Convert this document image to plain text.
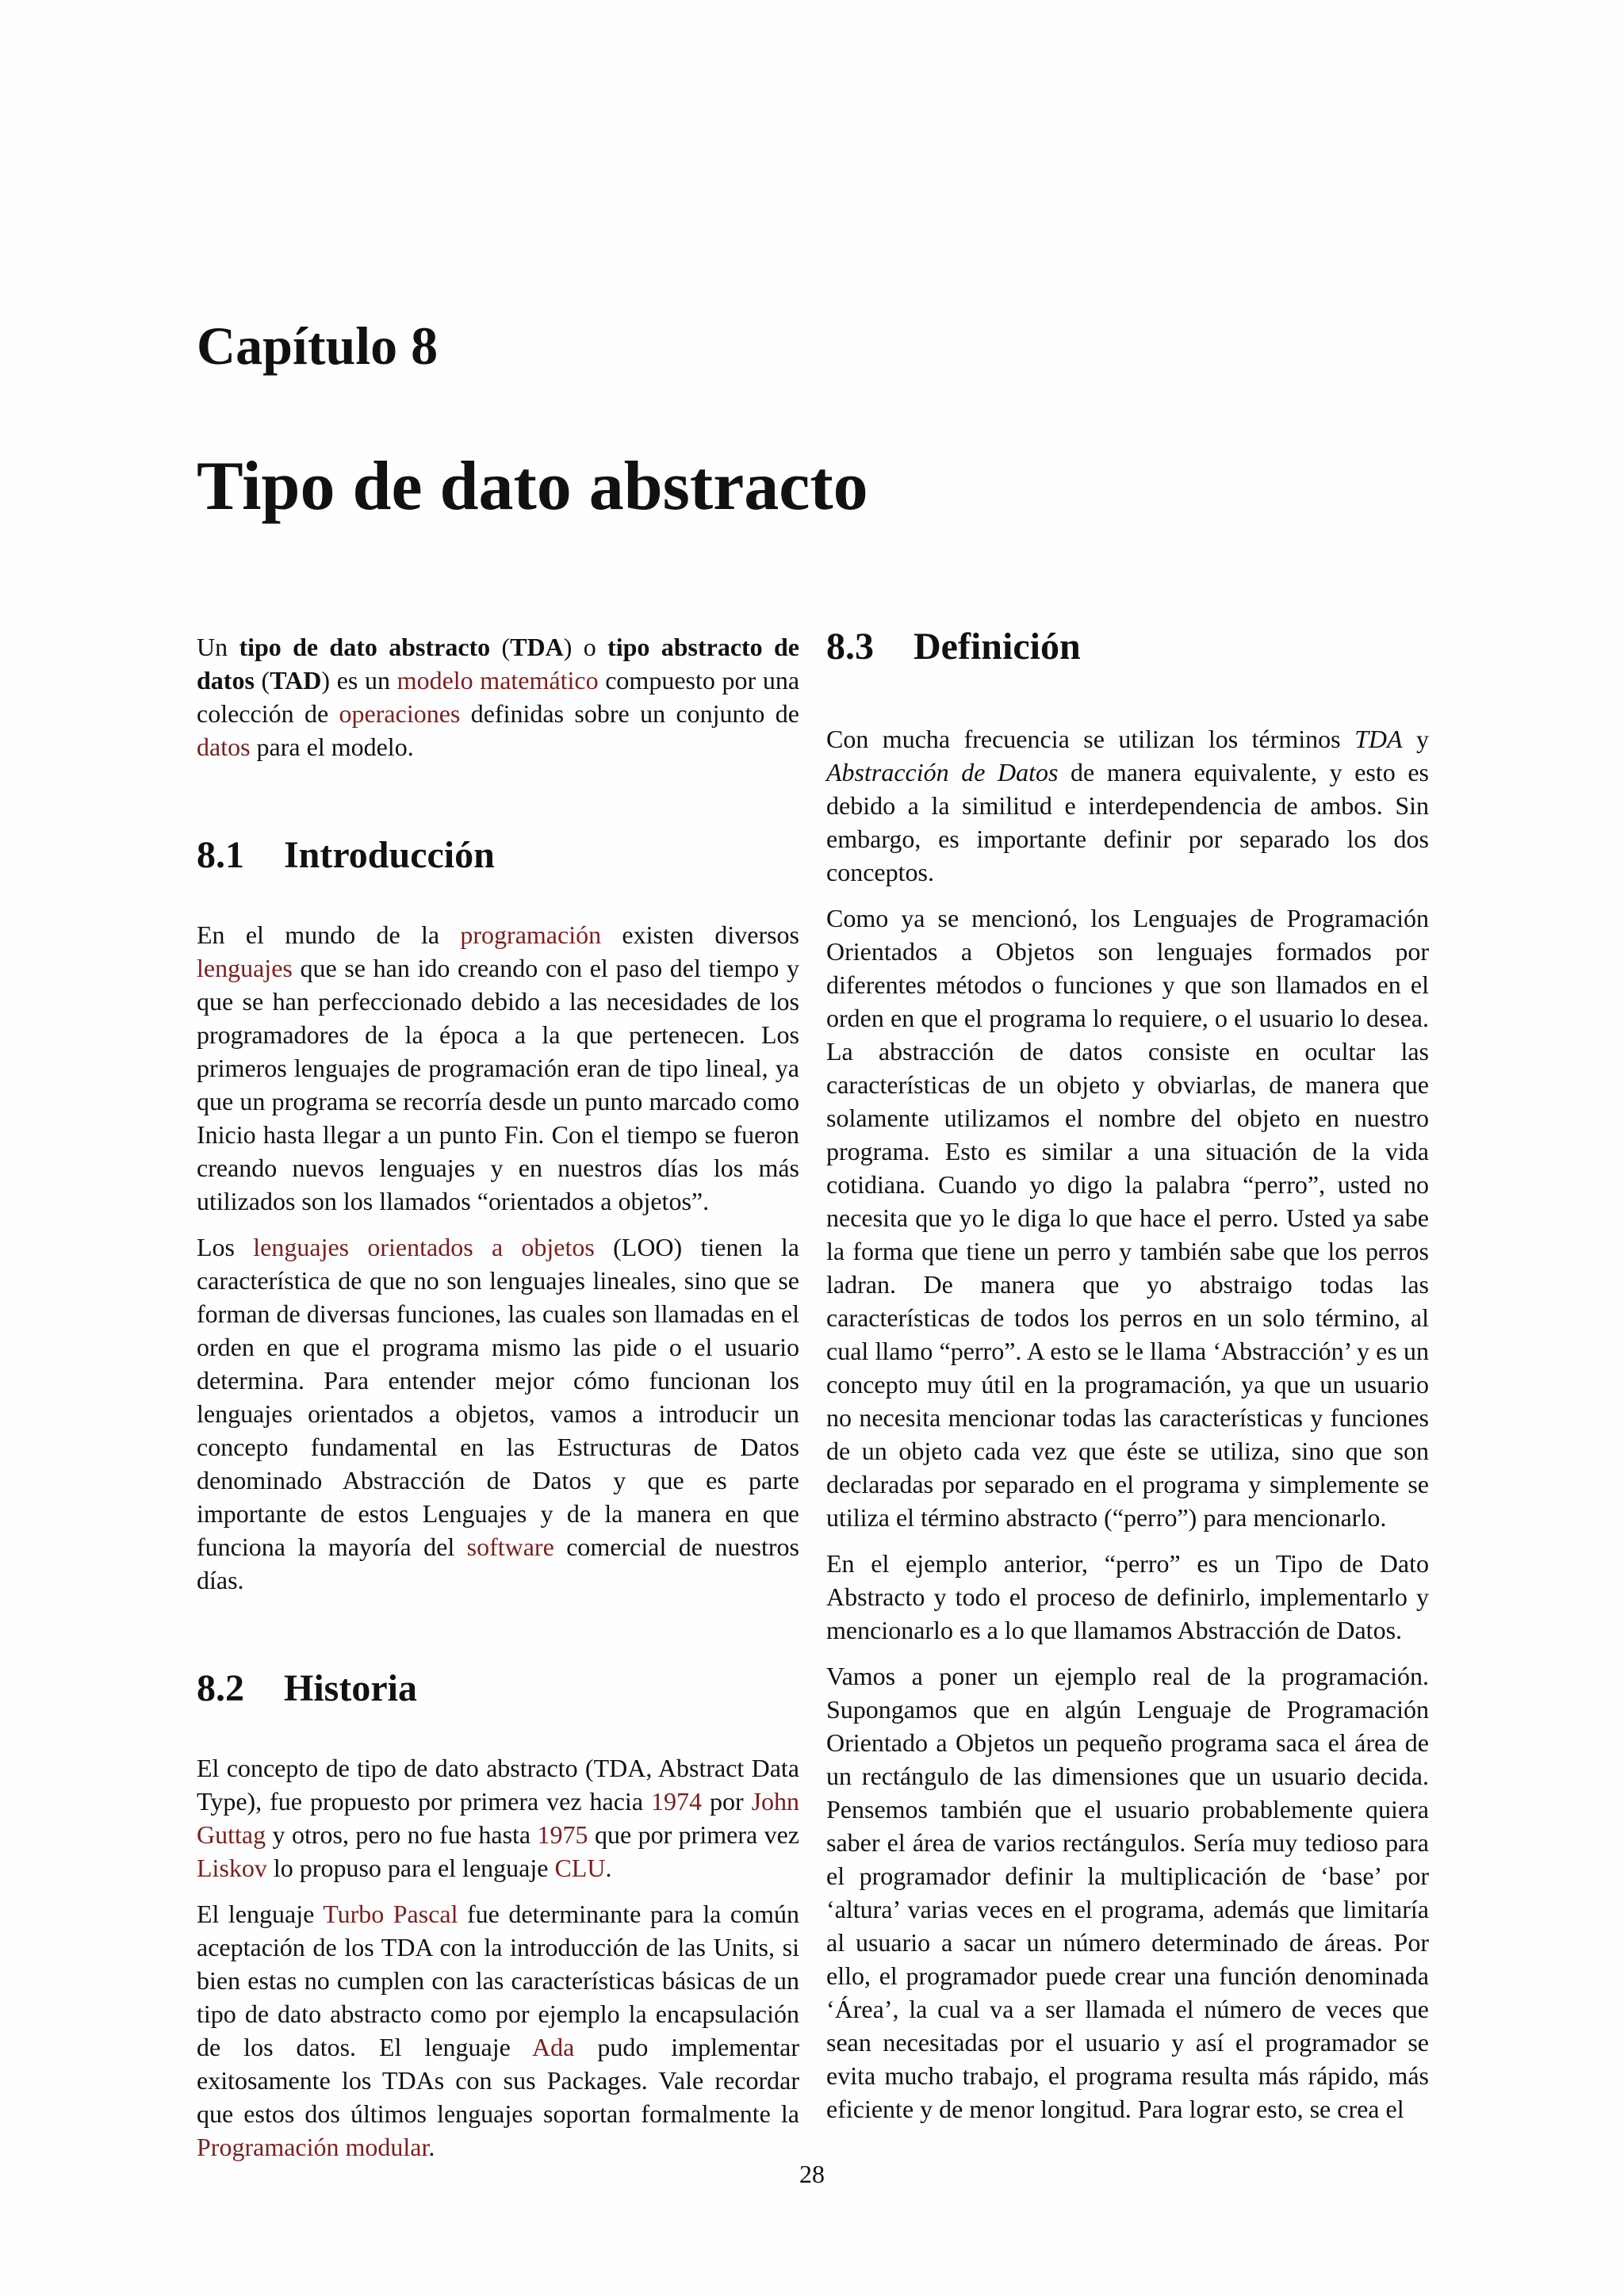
Capítulo 8
Tipo de dato abstracto

Un tipo de dato abstracto (TDA) o tipo abstracto de datos (TAD) es un modelo matemático compuesto por una colección de operaciones definidas sobre un conjunto de datos para el modelo.

8.1	Introducción

En el mundo de la programación existen diversos lenguajes que se han ido creando con el paso del tiempo y que se han perfeccionado debido a las necesidades de los programadores de la época a la que pertenecen. Los primeros lenguajes de programación eran de tipo lineal, ya que un programa se recorría desde un punto marcado como Inicio hasta llegar a un punto Fin. Con el tiempo se fueron creando nuevos lenguajes y en nuestros días los más utilizados son los llamados “orientados a objetos”.

Los lenguajes orientados a objetos (LOO) tienen la característica de que no son lenguajes lineales, sino que se forman de diversas funciones, las cuales son llamadas en el orden en que el programa mismo las pide o el usuario determina. Para entender mejor cómo funcionan los lenguajes orientados a objetos, vamos a introducir un concepto fundamental en las Estructuras de Datos denominado Abstracción de Datos y que es parte importante de estos Lenguajes y de la manera en que funciona la mayoría del software comercial de nuestros días.

8.2	Historia

El concepto de tipo de dato abstracto (TDA, Abstract Data Type), fue propuesto por primera vez hacia 1974 por John Guttag y otros, pero no fue hasta 1975 que por primera vez Liskov lo propuso para el lenguaje CLU.

El lenguaje Turbo Pascal fue determinante para la común aceptación de los TDA con la introducción de las Units, si bien estas no cumplen con las características básicas de un tipo de dato abstracto como por ejemplo la encapsulación de los datos. El lenguaje Ada pudo implementar exitosamente los TDAs con sus Packages. Vale recordar que estos dos últimos lenguajes soportan formalmente la Programación modular.

8.3	Definición

Con mucha frecuencia se utilizan los términos TDA y Abstracción de Datos de manera equivalente, y esto es debido a la similitud e interdependencia de ambos. Sin embargo, es importante definir por separado los dos conceptos.

Como ya se mencionó, los Lenguajes de Programación Orientados a Objetos son lenguajes formados por diferentes métodos o funciones y que son llamados en el orden en que el programa lo requiere, o el usuario lo desea. La abstracción de datos consiste en ocultar las características de un objeto y obviarlas, de manera que solamente utilizamos el nombre del objeto en nuestro programa. Esto es similar a una situación de la vida cotidiana. Cuando yo digo la palabra “perro”, usted no necesita que yo le diga lo que hace el perro. Usted ya sabe la forma que tiene un perro y también sabe que los perros ladran. De manera que yo abstraigo todas las características de todos los perros en un solo término, al cual llamo “perro”. A esto se le llama ‘Abstracción’ y es un concepto muy útil en la programación, ya que un usuario no necesita mencionar todas las características y funciones de un objeto cada vez que éste se utiliza, sino que son declaradas por separado en el programa y simplemente se utiliza el término abstracto (“perro”) para mencionarlo.

En el ejemplo anterior, “perro” es un Tipo de Dato Abstracto y todo el proceso de definirlo, implementarlo y mencionarlo es a lo que llamamos Abstracción de Datos.

Vamos a poner un ejemplo real de la programación. Supongamos que en algún Lenguaje de Programación Orientado a Objetos un pequeño programa saca el área de un rectángulo de las dimensiones que un usuario decida. Pensemos también que el usuario probablemente quiera saber el área de varios rectángulos. Sería muy tedioso para el programador definir la multiplicación de ‘base’ por ‘altura’ varias veces en el programa, además que limitaría al usuario a sacar un número determinado de áreas. Por ello, el programador puede crear una función denominada ‘Área’, la cual va a ser llamada el número de veces que sean necesitadas por el usuario y así el programador se evita mucho trabajo, el programa resulta más rápido, más eficiente y de menor longitud. Para lograr esto, se crea el

28
